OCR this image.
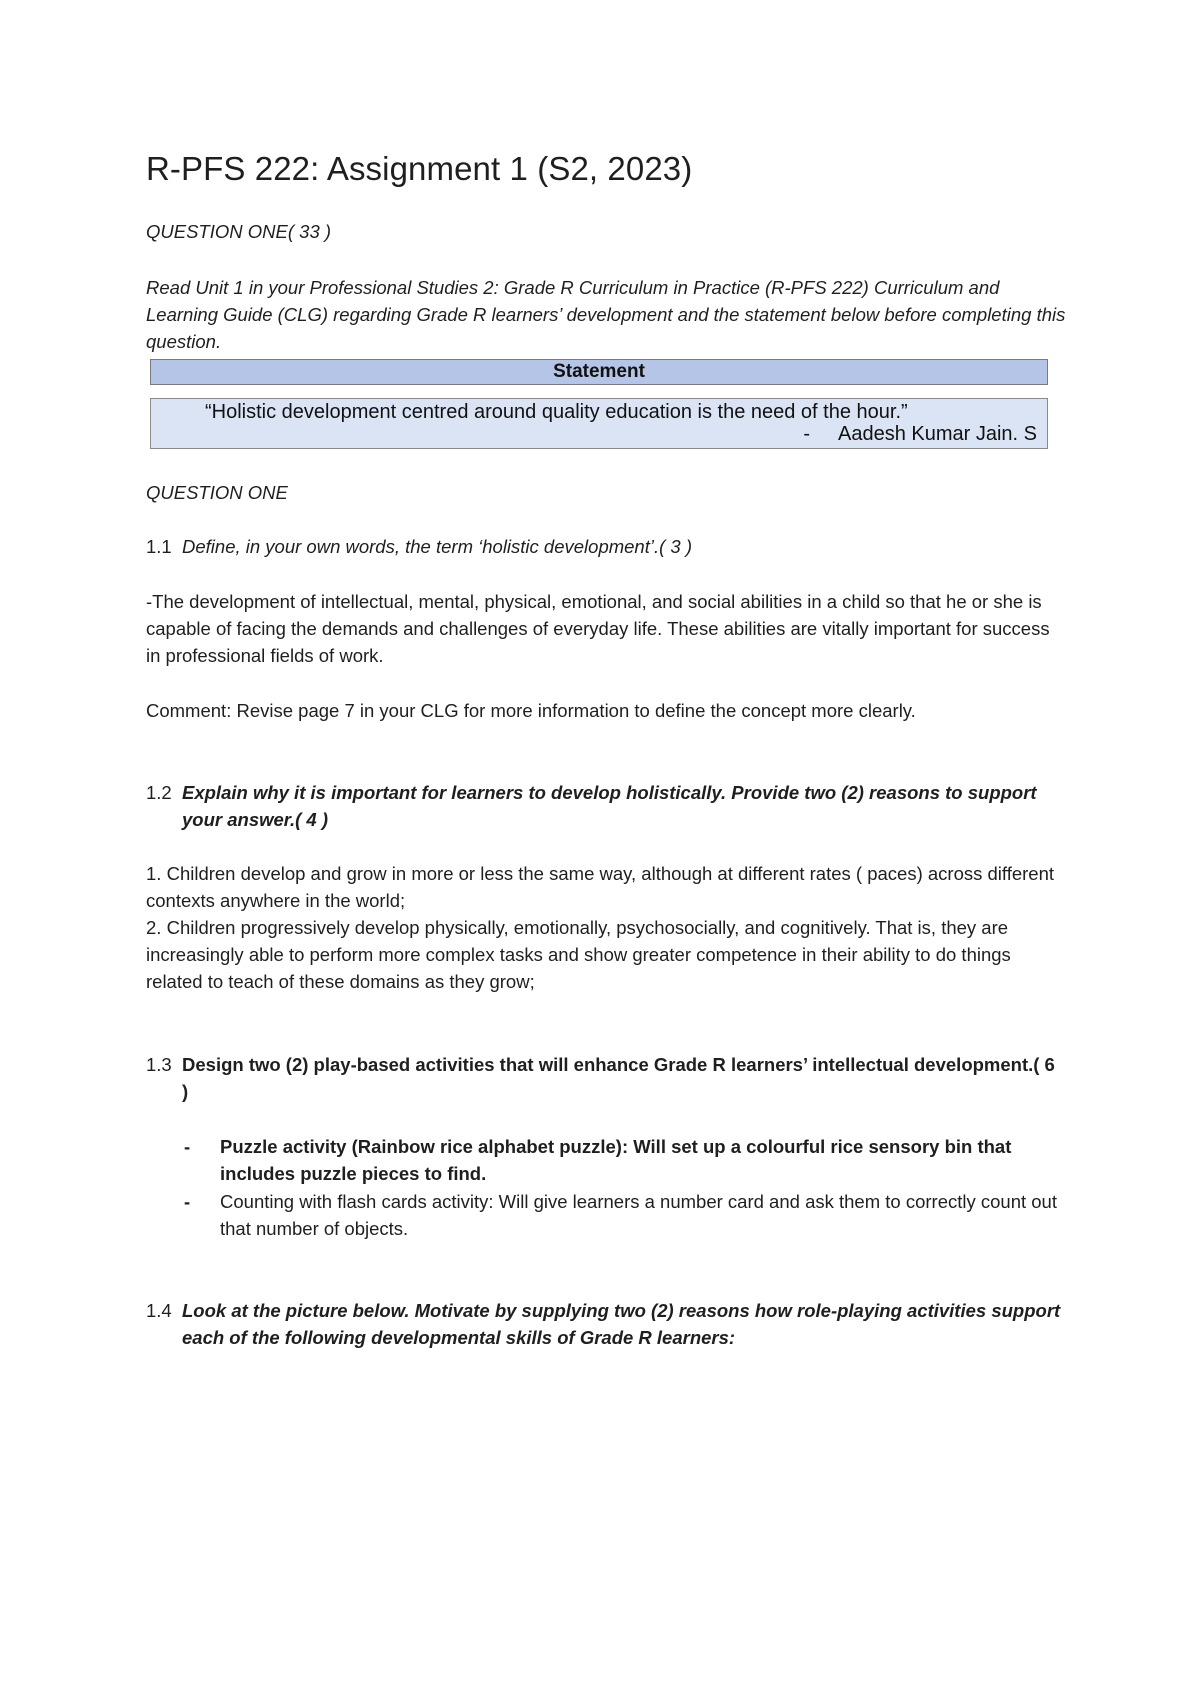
R-PFS 222: Assignment 1 (S2, 2023)
QUESTION ONE( 33 )
Read Unit 1 in your Professional Studies 2: Grade R Curriculum in Practice (R-PFS 222) Curriculum and Learning Guide (CLG) regarding Grade R learners’ development and the statement below before completing this question.
Statement
“Holistic development centred around quality education is the need of the hour.”
- Aadesh Kumar Jain. S
QUESTION ONE
1.1 Define, in your own words, the term ‘holistic development’.( 3 )
-The development of intellectual, mental, physical, emotional, and social abilities in a child so that he or she is capable of facing the demands and challenges of everyday life. These abilities are vitally important for success in professional fields of work.
Comment: Revise page 7 in your CLG for more information to define the concept more clearly.
1.2 Explain why it is important for learners to develop holistically. Provide two (2) reasons to support your answer.( 4 )
1. Children develop and grow in more or less the same way, although at different rates ( paces) across different contexts anywhere in the world;
2. Children progressively develop physically, emotionally, psychosocially, and cognitively. That is, they are increasingly able to perform more complex tasks and show greater competence in their ability to do things related to teach of these domains as they grow;
1.3 Design two (2) play-based activities that will enhance Grade R learners’ intellectual development.( 6 )
-	Puzzle activity (Rainbow rice alphabet puzzle): Will set up a colourful rice sensory bin that includes puzzle pieces to find.
-	Counting with flash cards activity: Will give learners a number card and ask them to correctly count out that number of objects.
1.4 Look at the picture below. Motivate by supplying two (2) reasons how role-playing activities support each of the following developmental skills of Grade R learners:
